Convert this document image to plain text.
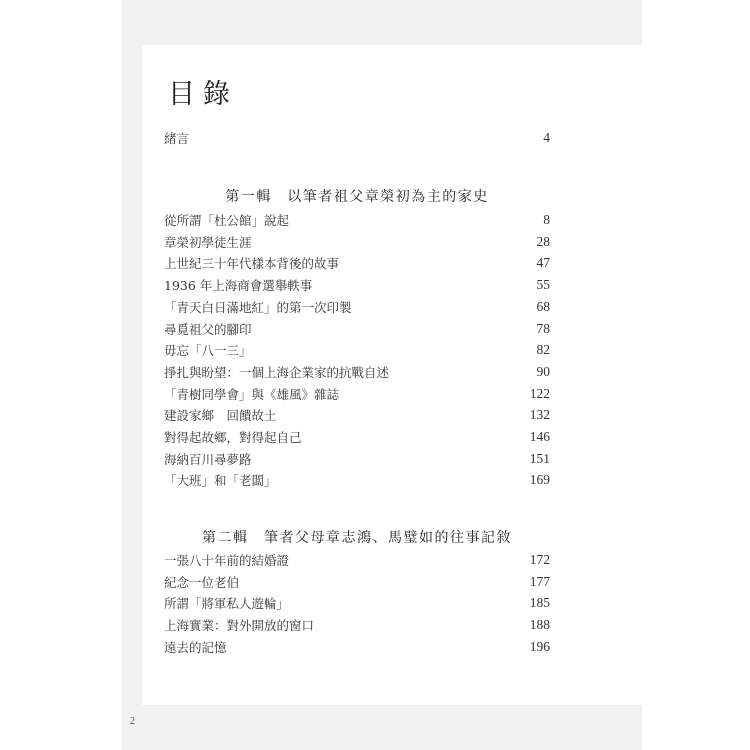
目錄
緒言	4
第一輯　以筆者祖父章榮初為主的家史
從所謂「杜公館」說起	8
章榮初學徒生涯	28
上世紀三十年代樣本背後的故事	47
1936 年上海商會選舉軼事	55
「青天白日滿地紅」的第一次印製	68
尋覓祖父的腳印	78
毋忘「八一三」	82
掙扎與盼望：一個上海企業家的抗戰自述	90
「青樹同學會」與《雄風》雜誌	122
建設家鄉　回饋故土	132
對得起故鄉，對得起自己	146
海納百川尋夢路	151
「大班」和「老闆」	169
第二輯　筆者父母章志鴻、馬璧如的往事記敘
一張八十年前的結婚證	172
紀念一位老伯	177
所謂「將軍私人遊輪」	185
上海實業：對外開放的窗口	188
遠去的記憶	196
2
